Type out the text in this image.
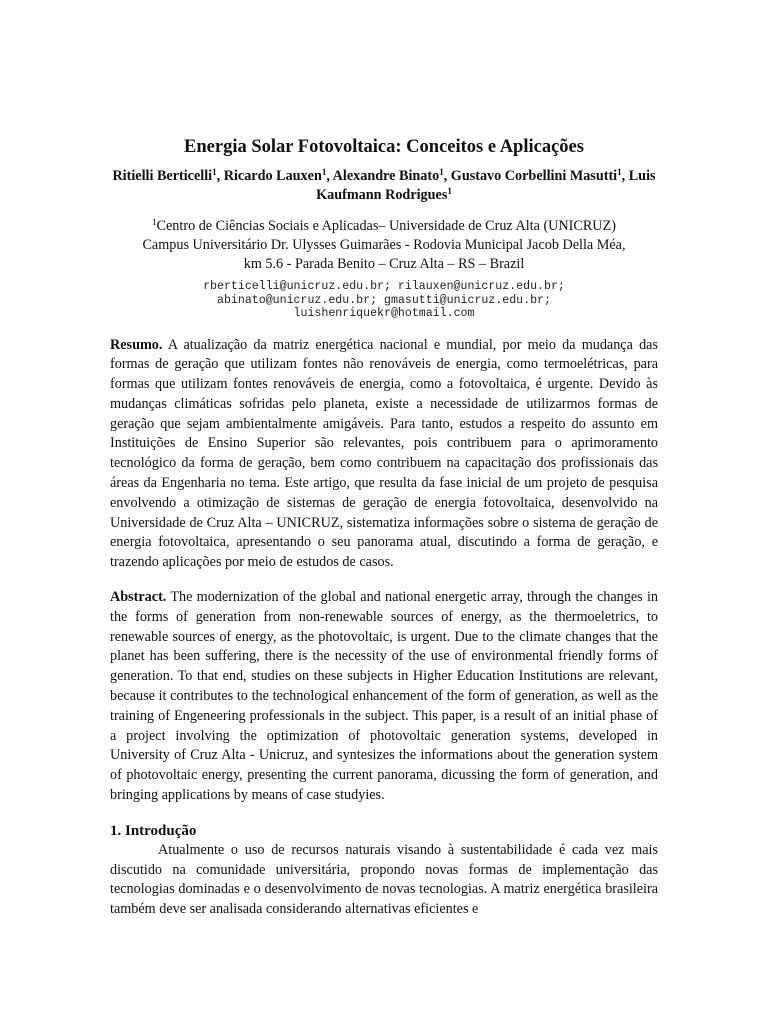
Energia Solar Fotovoltaica: Conceitos e Aplicações
Ritielli Berticelli$^1$, Ricardo Lauxen$^1$, Alexandre Binato$^1$, Gustavo Corbellini Masutti$^1$, Luis Kaufmann Rodrigues$^1$
$^1$Centro de Ciências Sociais e Aplicadas– Universidade de Cruz Alta (UNICRUZ)
Campus Universitário Dr. Ulysses Guimarães - Rodovia Municipal Jacob Della Méa,
km 5.6 - Parada Benito – Cruz Alta – RS – Brazil
rberticelli@unicruz.edu.br; rilauxen@unicruz.edu.br;
abinato@unicruz.edu.br; gmasutti@unicruz.edu.br;
luishenriquekr@hotmail.com

Resumo. A atualização da matriz energética nacional e mundial, por meio da mudança das formas de geração que utilizam fontes não renováveis de energia, como termoelétricas, para formas que utilizam fontes renováveis de energia, como a fotovoltaica, é urgente. Devido às mudanças climáticas sofridas pelo planeta, existe a necessidade de utilizarmos formas de geração que sejam ambientalmente amigáveis. Para tanto, estudos a respeito do assunto em Instituições de Ensino Superior são relevantes, pois contribuem para o aprimoramento tecnológico da forma de geração, bem como contribuem na capacitação dos profissionais das áreas da Engenharia no tema. Este artigo, que resulta da fase inicial de um projeto de pesquisa envolvendo a otimização de sistemas de geração de energia fotovoltaica, desenvolvido na Universidade de Cruz Alta – UNICRUZ, sistematiza informações sobre o sistema de geração de energia fotovoltaica, apresentando o seu panorama atual, discutindo a forma de geração, e trazendo aplicações por meio de estudos de casos.

Abstract. The modernization of the global and national energetic array, through the changes in the forms of generation from non-renewable sources of energy, as the thermoeletrics, to renewable sources of energy, as the photovoltaic, is urgent. Due to the climate changes that the planet has been suffering, there is the necessity of the use of environmental friendly forms of generation. To that end, studies on these subjects in Higher Education Institutions are relevant, because it contributes to the technological enhancement of the form of generation, as well as the training of Engeneering professionals in the subject. This paper, is a result of an initial phase of a project involving the optimization of photovoltaic generation systems, developed in University of Cruz Alta - Unicruz, and syntesizes the informations about the generation system of photovoltaic energy, presenting the current panorama, dicussing the form of generation, and bringing applications by means of case studyies.

1. Introdução

Atualmente o uso de recursos naturais visando à sustentabilidade é cada vez mais discutido na comunidade universitária, propondo novas formas de implementação das tecnologias dominadas e o desenvolvimento de novas tecnologias. A matriz energética brasileira também deve ser analisada considerando alternativas eficientes e
